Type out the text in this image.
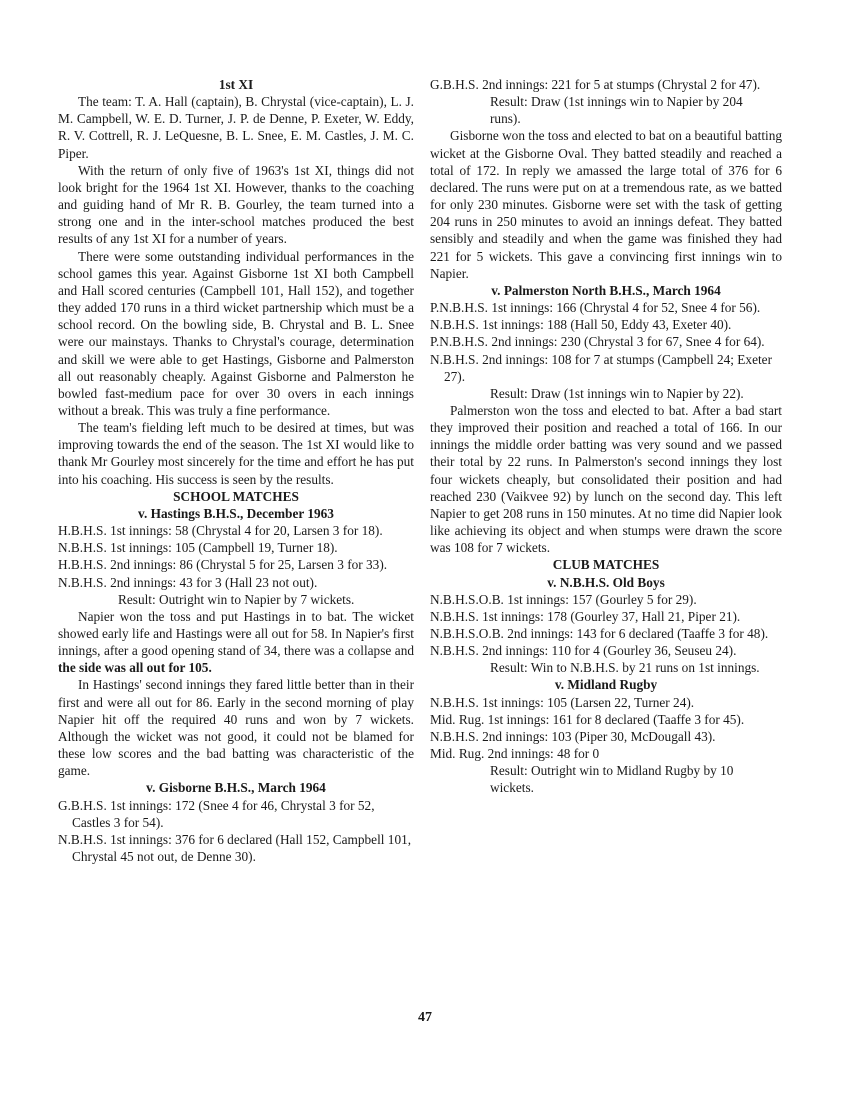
1st XI

The team: T. A. Hall (captain), B. Chrystal (vice-captain), L. J. M. Campbell, W. E. D. Turner, J. P. de Denne, P. Exeter, W. Eddy, R. V. Cottrell, R. J. LeQuesne, B. L. Snee, E. M. Castles, J. M. C. Piper.

With the return of only five of 1963's 1st XI, things did not look bright for the 1964 1st XI. However, thanks to the coaching and guiding hand of Mr R. B. Gourley, the team turned into a strong one and in the inter-school matches produced the best results of any 1st XI for a number of years.

There were some outstanding individual performances in the school games this year. Against Gisborne 1st XI both Campbell and Hall scored centuries (Campbell 101, Hall 152), and together they added 170 runs in a third wicket partnership which must be a school record. On the bowling side, B. Chrystal and B. L. Snee were our mainstays. Thanks to Chrystal's courage, determination and skill we were able to get Hastings, Gisborne and Palmerston all out reasonably cheaply. Against Gisborne and Palmerston he bowled fast-medium pace for over 30 overs in each innings without a break. This was truly a fine performance.

The team's fielding left much to be desired at times, but was improving towards the end of the season. The 1st XI would like to thank Mr Gourley most sincerely for the time and effort he has put into his coaching. His success is seen by the results.

SCHOOL MATCHES

v. Hastings B.H.S., December 1963

H.B.H.S. 1st innings: 58 (Chrystal 4 for 20, Larsen 3 for 18).

N.B.H.S. 1st innings: 105 (Campbell 19, Turner 18).

H.B.H.S. 2nd innings: 86 (Chrystal 5 for 25, Larsen 3 for 33).

N.B.H.S. 2nd innings: 43 for 3 (Hall 23 not out).

Result: Outright win to Napier by 7 wickets.

Napier won the toss and put Hastings in to bat. The wicket showed early life and Hastings were all out for 58. In Napier's first innings, after a good opening stand of 34, there was a collapse and the side was all out for 105.

In Hastings' second innings they fared little better than in their first and were all out for 86. Early in the second morning of play Napier hit off the required 40 runs and won by 7 wickets. Although the wicket was not good, it could not be blamed for these low scores and the bad batting was characteristic of the game.

v. Gisborne B.H.S., March 1964

G.B.H.S. 1st innings: 172 (Snee 4 for 46, Chrystal 3 for 52, Castles 3 for 54).

N.B.H.S. 1st innings: 376 for 6 declared (Hall 152, Campbell 101, Chrystal 45 not out, de Denne 30).

G.B.H.S. 2nd innings: 221 for 5 at stumps (Chrystal 2 for 47).

Result: Draw (1st innings win to Napier by 204 runs).

Gisborne won the toss and elected to bat on a beautiful batting wicket at the Gisborne Oval. They batted steadily and reached a total of 172. In reply we amassed the large total of 376 for 6 declared. The runs were put on at a tremendous rate, as we batted for only 230 minutes. Gisborne were set with the task of getting 204 runs in 250 minutes to avoid an innings defeat. They batted sensibly and steadily and when the game was finished they had 221 for 5 wickets. This gave a convincing first innings win to Napier.

v. Palmerston North B.H.S., March 1964

P.N.B.H.S. 1st innings: 166 (Chrystal 4 for 52, Snee 4 for 56).

N.B.H.S. 1st innings: 188 (Hall 50, Eddy 43, Exeter 40).

P.N.B.H.S. 2nd innings: 230 (Chrystal 3 for 67, Snee 4 for 64).

N.B.H.S. 2nd innings: 108 for 7 at stumps (Campbell 24; Exeter 27).

Result: Draw (1st innings win to Napier by 22).

Palmerston won the toss and elected to bat. After a bad start they improved their position and reached a total of 166. In our innings the middle order batting was very sound and we passed their total by 22 runs. In Palmerston's second innings they lost four wickets cheaply, but consolidated their position and had reached 230 (Vaikvee 92) by lunch on the second day. This left Napier to get 208 runs in 150 minutes. At no time did Napier look like achieving its object and when stumps were drawn the score was 108 for 7 wickets.

CLUB MATCHES

v. N.B.H.S. Old Boys

N.B.H.S.O.B. 1st innings: 157 (Gourley 5 for 29).

N.B.H.S. 1st innings: 178 (Gourley 37, Hall 21, Piper 21).

N.B.H.S.O.B. 2nd innings: 143 for 6 declared (Taaffe 3 for 48).

N.B.H.S. 2nd innings: 110 for 4 (Gourley 36, Seuseu 24).

Result: Win to N.B.H.S. by 21 runs on 1st innings.

v. Midland Rugby

N.B.H.S. 1st innings: 105 (Larsen 22, Turner 24).

Mid. Rug. 1st innings: 161 for 8 declared (Taaffe 3 for 45).

N.B.H.S. 2nd innings: 103 (Piper 30, McDougall 43).

Mid. Rug. 2nd innings: 48 for 0

Result: Outright win to Midland Rugby by 10 wickets.

47
